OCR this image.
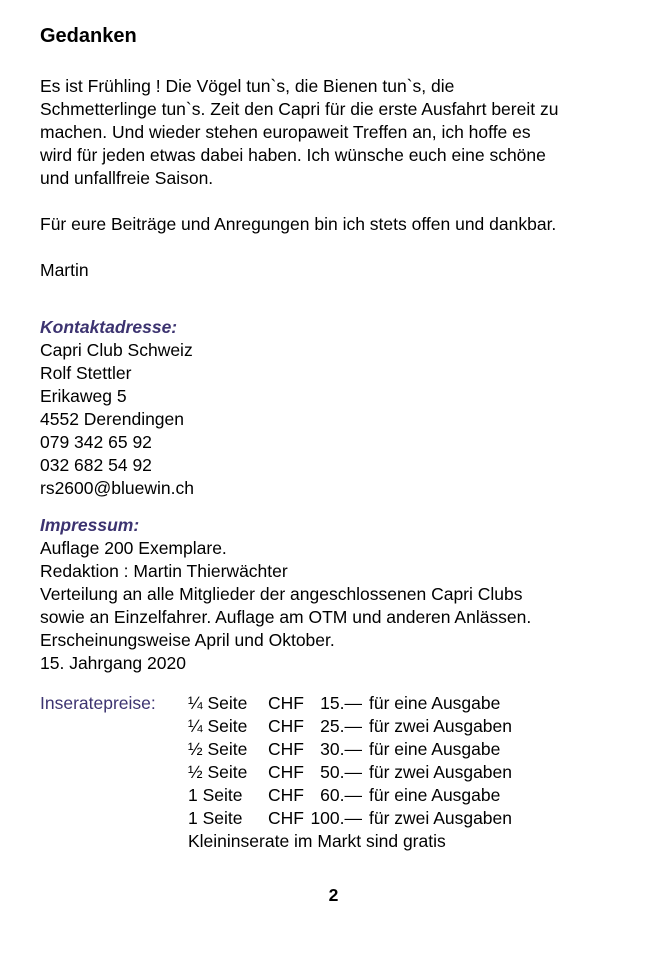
Gedanken
Es ist Frühling ! Die Vögel tun`s, die Bienen tun`s, die
Schmetterlinge tun`s. Zeit den Capri für die erste Ausfahrt bereit zu
machen. Und wieder stehen europaweit Treffen an, ich hoffe es
wird für jeden etwas dabei haben. Ich wünsche euch eine schöne
und unfallfreie Saison.
Für eure Beiträge und Anregungen bin ich stets offen und dankbar.
Martin
Kontaktadresse:
Capri Club Schweiz
Rolf Stettler
Erikaweg 5
4552 Derendingen
079 342 65 92
032 682 54 92
rs2600@bluewin.ch
Impressum:
Auflage 200 Exemplare.
Redaktion : Martin Thierwächter
Verteilung an alle Mitglieder der angeschlossenen Capri Clubs
sowie an Einzelfahrer. Auflage am OTM und anderen Anlässen.
Erscheinungsweise April und Oktober.
15. Jahrgang 2020
Inseratepreise:	¼ Seite	CHF 15.— für eine Ausgabe
¼ Seite	CHF 25.— für zwei Ausgaben
½ Seite	CHF 30.— für eine Ausgabe
½ Seite	CHF 50.— für zwei Ausgaben
1 Seite	CHF 60.— für eine Ausgabe
1 Seite	CHF 100.— für zwei Ausgaben
Kleininserate im Markt sind gratis
2
